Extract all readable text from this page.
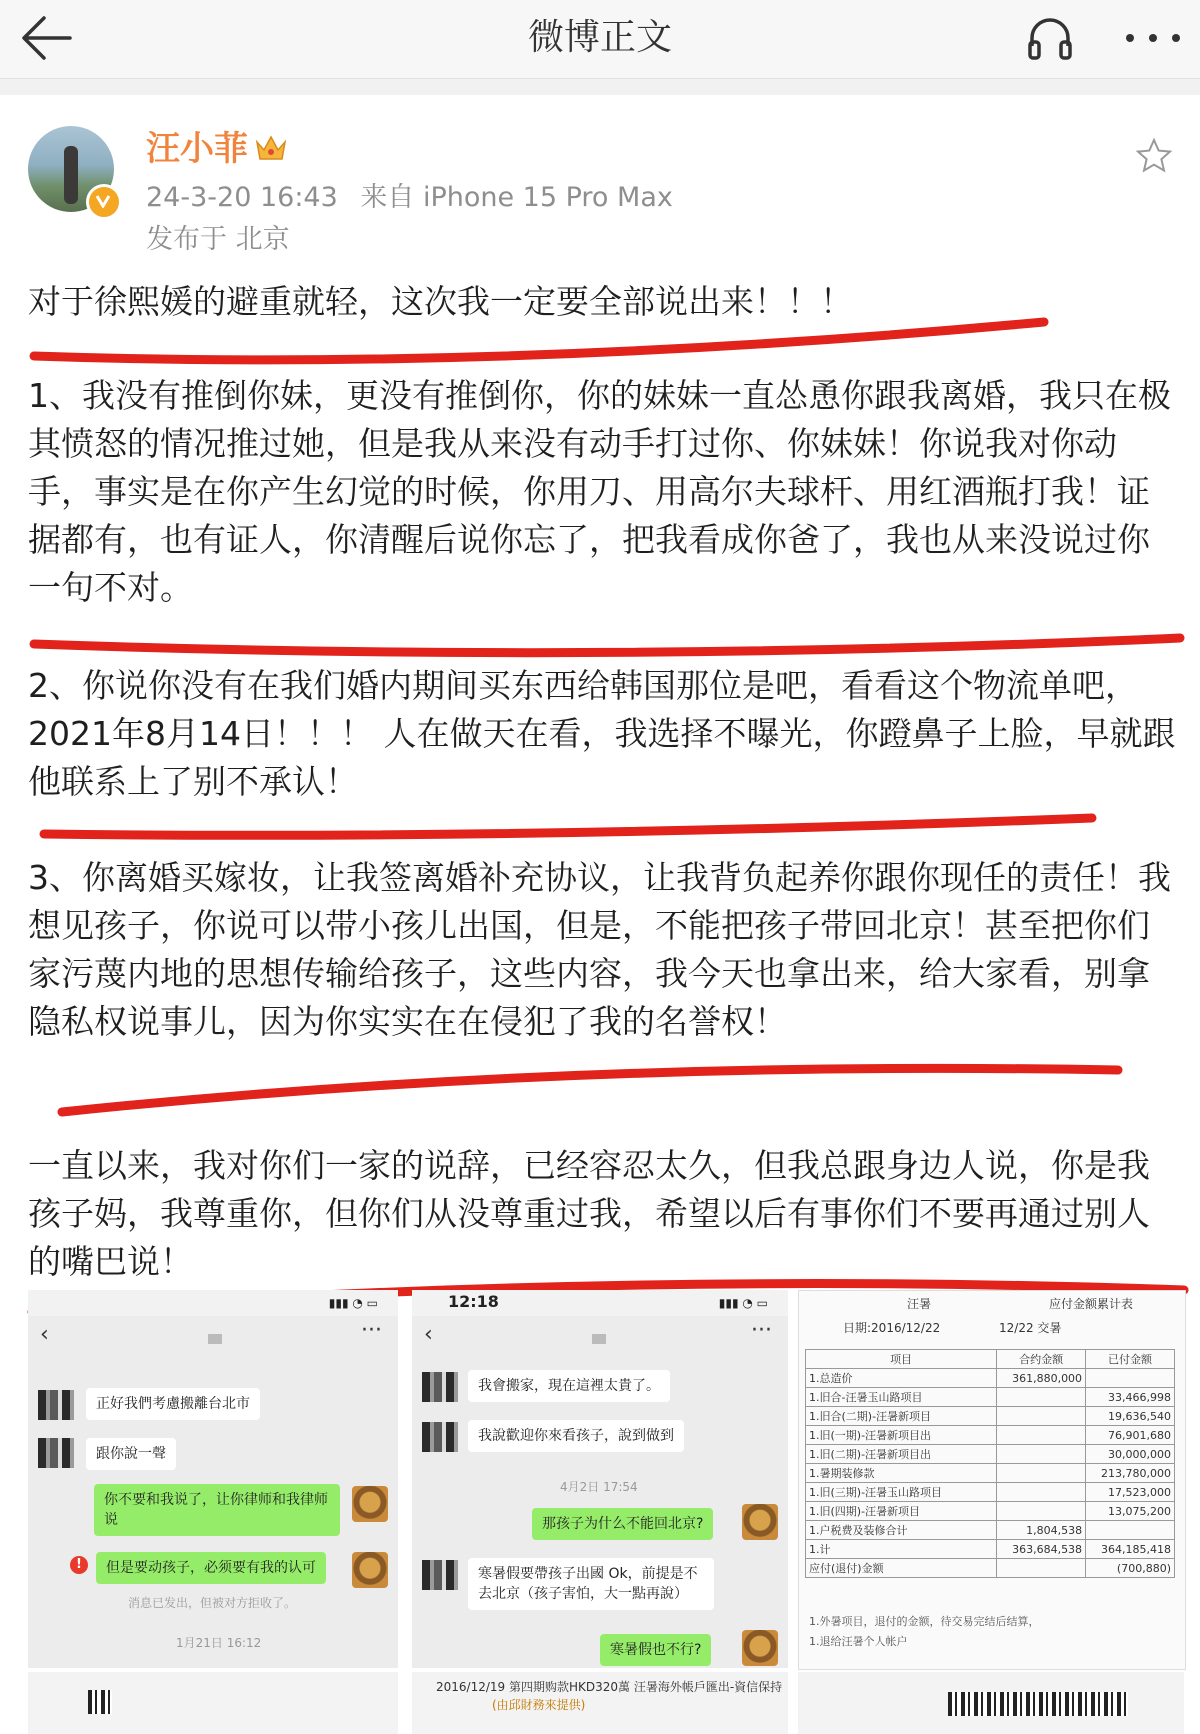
微博正文
汪小菲
24-3-20 16:43 来自 iPhone 15 Pro Max
发布于 北京

对于徐熙媛的避重就轻，这次我一定要全部说出来！！！

1、我没有推倒你妹，更没有推倒你，你的妹妹一直怂恿你跟我离婚，我只在极其愤怒的情况推过她，但是我从来没有动手打过你、你妹妹！你说我对你动手，事实是在你产生幻觉的时候，你用刀、用高尔夫球杆、用红酒瓶打我！证据都有，也有证人，你清醒后说你忘了，把我看成你爸了，我也从来没说过你一句不对。

2、你说你没有在我们婚内期间买东西给韩国那位是吧，看看这个物流单吧，2021年8月14日！！！ 人在做天在看，我选择不曝光，你蹬鼻子上脸，早就跟他联系上了别不承认！

3、你离婚买嫁妆，让我签离婚补充协议，让我背负起养你跟你现任的责任！我想见孩子，你说可以带小孩儿出国，但是，不能把孩子带回北京！甚至把你们家污蔑内地的思想传输给孩子，这些内容，我今天也拿出来，给大家看，别拿隐私权说事儿，因为你实实在在侵犯了我的名誉权！

一直以来，我对你们一家的说辞，已经容忍太久，但我总跟身边人说，你是我孩子妈，我尊重你，但你们从没尊重过我，希望以后有事你们不要再通过别人的嘴巴说！

▮▮▮ ◔ ▭
‹	···
正好我們考慮搬離台北市
跟你說一聲
你不要和我说了，让你律师和我律师说
!	但是要动孩子，必须要有我的认可
消息已发出，但被对方拒收了。
1月21日 16:12
12:18	▮▮▮ ◔ ▭
‹	···
我會搬家，現在這裡太貴了。
我說歡迎你來看孩子，說到做到
4月2日 17:54
那孩子为什么不能回北京?
寒暑假要帶孩子出國 Ok，前提是不去北京（孩子害怕，大一點再說）
寒暑假也不行?
汪暑	应付金额累计表
日期:2016/12/22	12/22 交暑
项目	合约金额	已付金额
1.总造价	361,880,000	
1.旧合-汪暑玉山路项目		33,466,998
1.旧合(二期)-汪暑新项目		19,636,540
1.旧(一期)-汪暑新项目出		76,901,680
1.旧(二期)-汪暑新项目出		30,000,000
1.暑期装修款		213,780,000
1.旧(三期)-汪暑玉山路项目		17,523,000
1.旧(四期)-汪暑新项目		13,075,200
1.户税费及装修合计	1,804,538	
1.计	363,684,538	364,185,418
应付(退付)金额		(700,880)
1.外暑项目，退付的金额，待交易完结后结算，
1.退给汪暑个人帐户
2016/12/19 第四期购款HKD320萬 汪暑海外帳戶匯出-資信保持
(由邱財務來提供)
